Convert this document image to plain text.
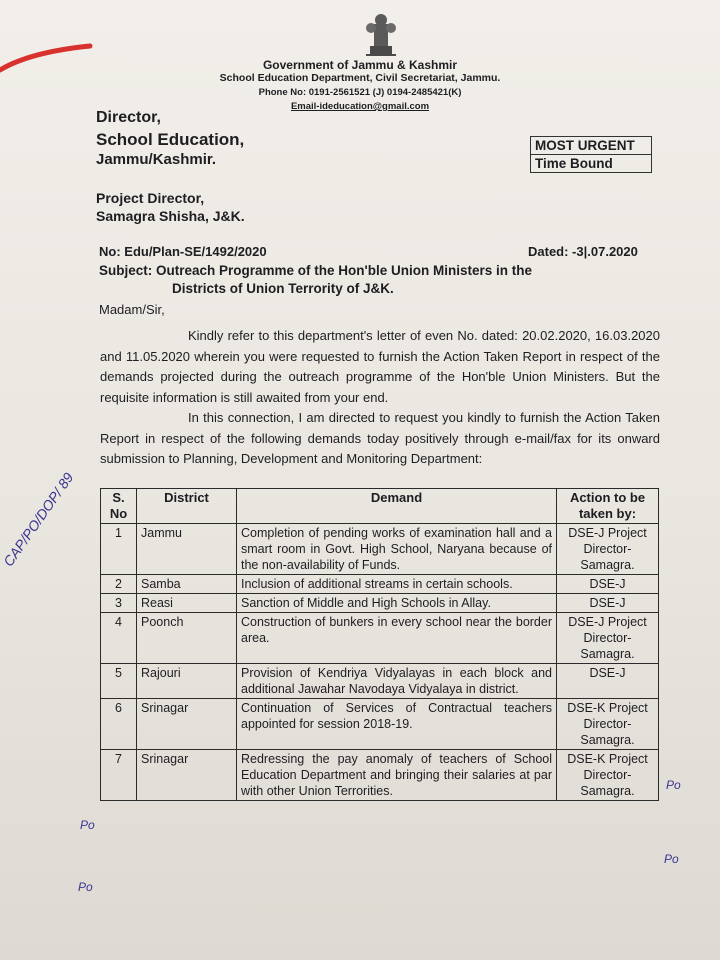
Government of Jammu & Kashmir
School Education Department, Civil Secretariat, Jammu.
Phone No: 0191-2561521 (J) 0194-2485421(K)
Email-ideducation@gmail.com
Director,
School Education,
Jammu/Kashmir.
MOST URGENT
Time Bound
Project Director,
Samagra Shisha, J&K.
No: Edu/Plan-SE/1492/2020	Dated: -3|.07.2020
Subject: Outreach Programme of the Hon'ble Union Ministers in the
Districts of Union Terrority of J&K.
Madam/Sir,
Kindly refer to this department's letter of even No. dated: 20.02.2020, 16.03.2020 and 11.05.2020 wherein you were requested to furnish the Action Taken Report in respect of the demands projected during the outreach programme of the Hon'ble Union Ministers. But the requisite information is still awaited from your end.
In this connection, I am directed to request you kindly to furnish the Action Taken Report in respect of the following demands today positively through e-mail/fax for its onward submission to Planning, Development and Monitoring Department:
S. No	District	Demand	Action to be taken by:
1	Jammu	Completion of pending works of examination hall and a smart room in Govt. High School, Naryana because of the non-availability of Funds.	DSE-J Project Director-Samagra.
2	Samba	Inclusion of additional streams in certain schools.	DSE-J
3	Reasi	Sanction of Middle and High Schools in Allay.	DSE-J
4	Poonch	Construction of bunkers in every school near the border area.	DSE-J Project Director-Samagra.
5	Rajouri	Provision of Kendriya Vidyalayas in each block and additional Jawahar Navodaya Vidyalaya in district.	DSE-J
6	Srinagar	Continuation of Services of Contractual teachers appointed for session 2018-19.	DSE-K Project Director-Samagra.
7	Srinagar	Redressing the pay anomaly of teachers of School Education Department and bringing their salaries at par with other Union Terrorities.	DSE-K Project Director-Samagra.
CAP/PO/DOP/ 89
Po
Po
Po
Po
